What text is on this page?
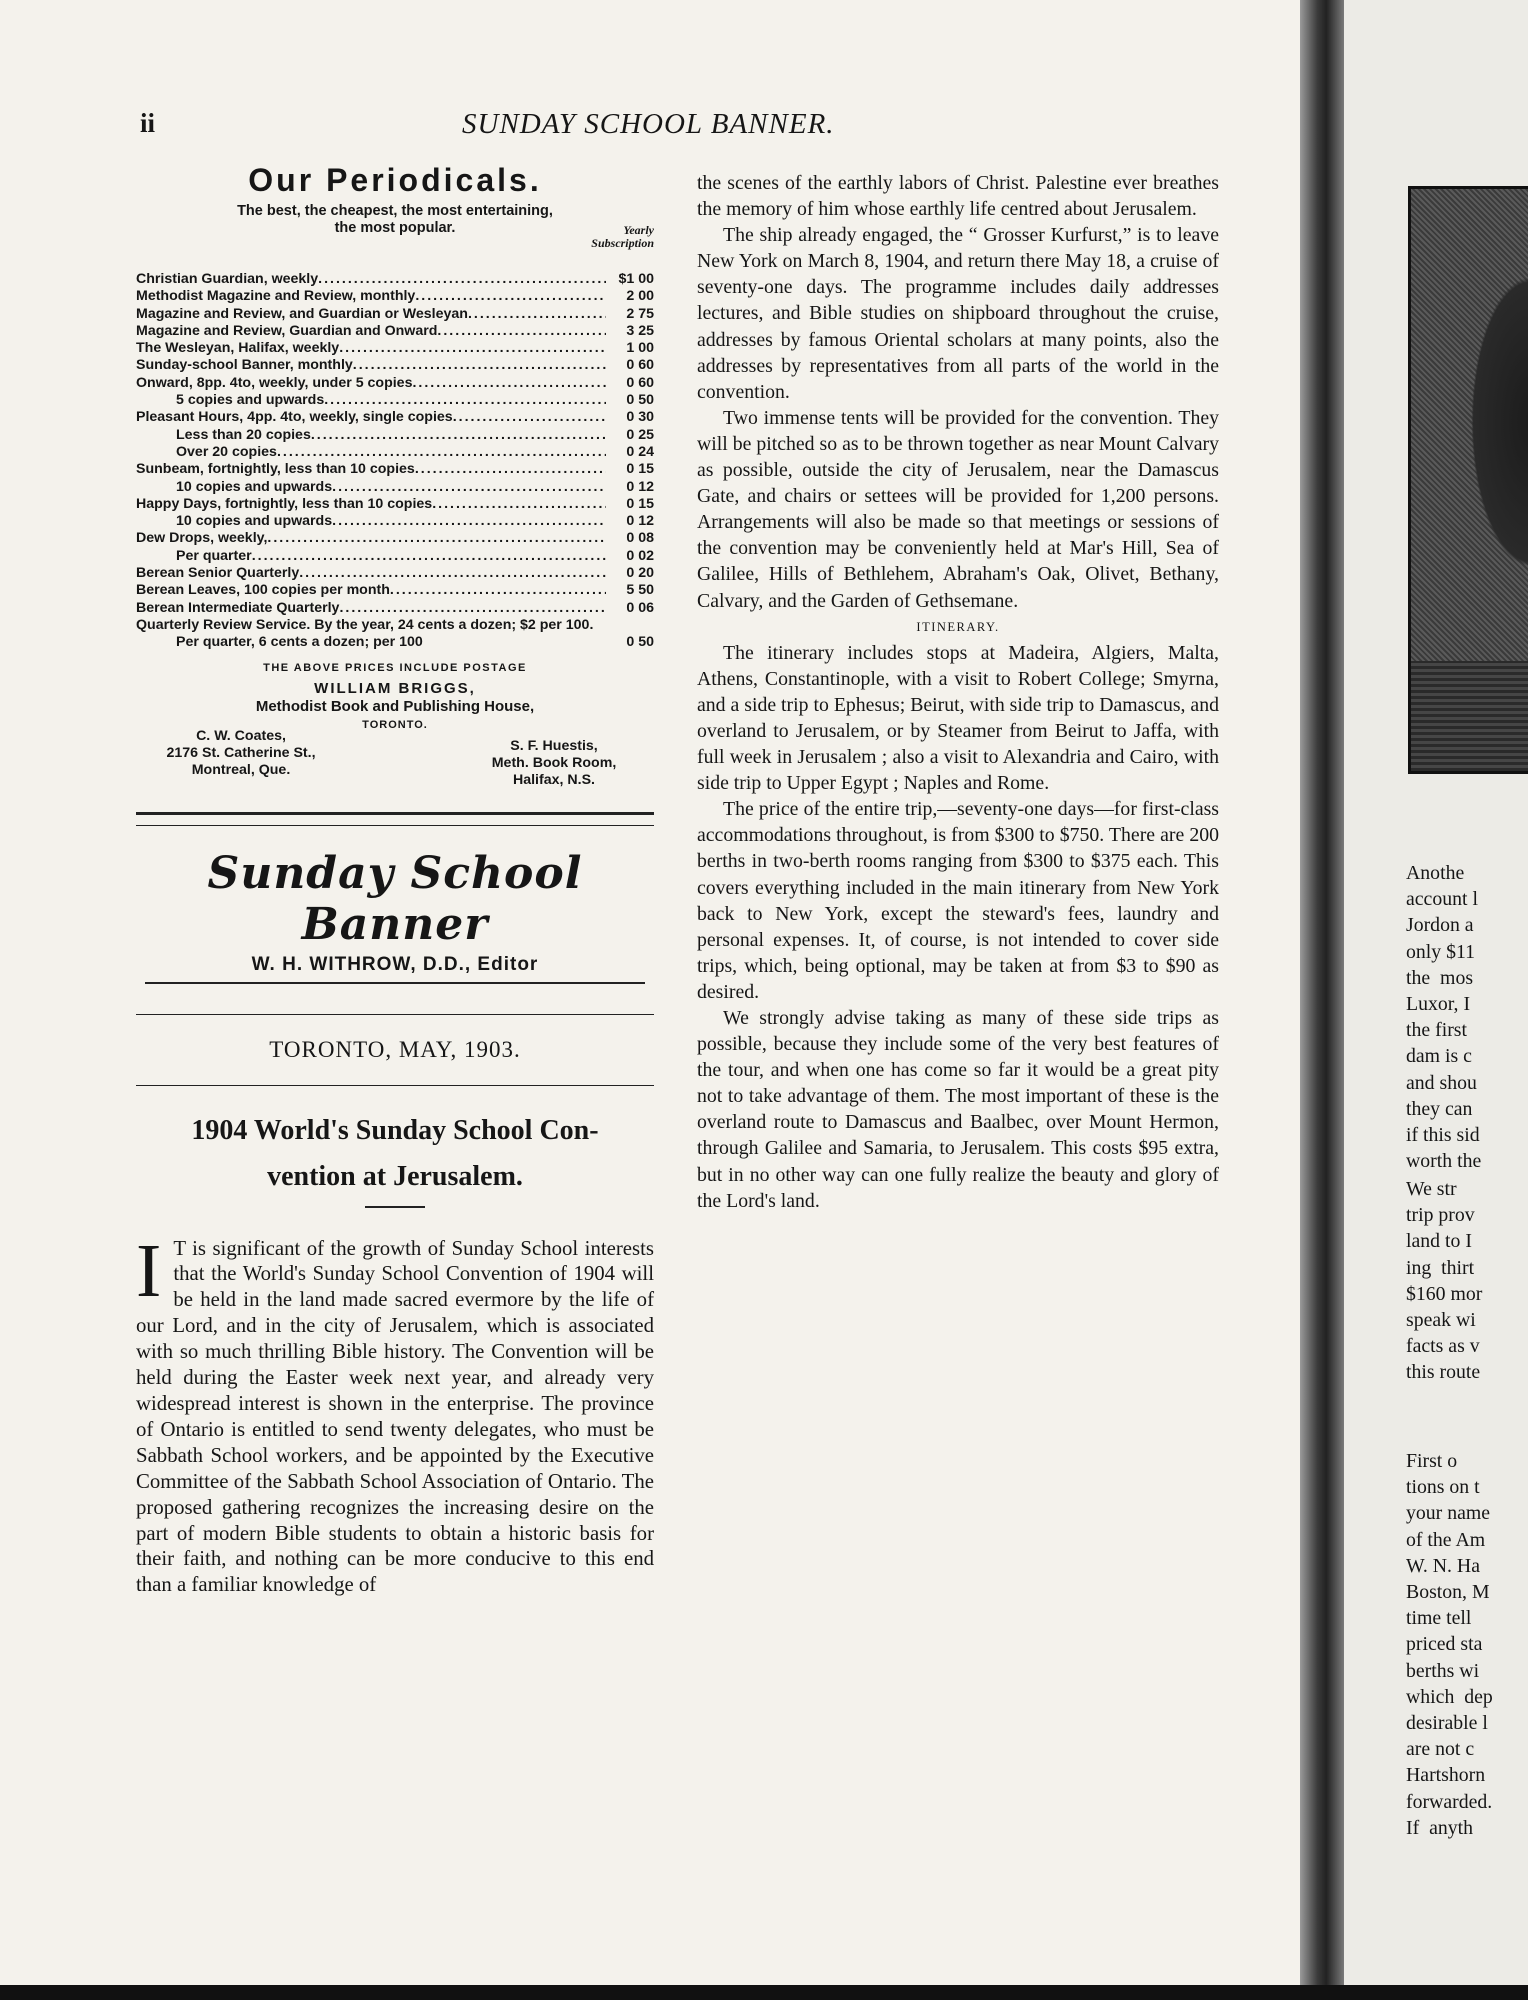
ii	SUNDAY SCHOOL BANNER.
Our Periodicals.
The best, the cheapest, the most entertaining,
the most popular.	Yearly
Subscription
Christian Guardian, weekly .....	$1 00
Methodist Magazine and Review, monthly .....	2 00
Magazine and Review, and Guardian or Wesleyan .....	2 75
Magazine and Review, Guardian and Onward .....	3 25
The Wesleyan, Halifax, weekly .....	1 00
Sunday-school Banner, monthly .....	0 60
Onward, 8pp. 4to, weekly, under 5 copies .....	0 60
5 copies and upwards .....	0 50
Pleasant Hours, 4pp. 4to, weekly, single copies .....	0 30
Less than 20 copies .....	0 25
Over 20 copies .....	0 24
Sunbeam, fortnightly, less than 10 copies .....	0 15
10 copies and upwards .....	0 12
Happy Days, fortnightly, less than 10 copies .....	0 15
10 copies and upwards .....	0 12
Dew Drops, weekly, .....	0 08
Per quarter .....	0 02
Berean Senior Quarterly .....	0 20
Berean Leaves, 100 copies per month .....	5 50
Berean Intermediate Quarterly .....	0 06
Quarterly Review Service. By the year, 24 cents a dozen; $2 per 100. Per quarter, 6 cents a dozen; per 100	0 50
THE ABOVE PRICES INCLUDE POSTAGE
WILLIAM BRIGGS,
Methodist Book and Publishing House,
TORONTO.
C. W. Coates,
2176 St. Catherine St.,
Montreal, Que.
S. F. Huestis,
Meth. Book Room,
Halifax, N.S.
Sunday School Banner
W. H. WITHROW, D.D., Editor
TORONTO, MAY, 1903.
1904 World's Sunday School Con-
vention at Jerusalem.
I T is significant of the growth of Sunday School interests that the World's Sunday School Convention of 1904 will be held in the land made sacred evermore by the life of our Lord, and in the city of Jerusalem, which is associated with so much thrilling Bible history. The Convention will be held during the Easter week next year, and already very widespread interest is shown in the enterprise. The province of Ontario is entitled to send twenty delegates, who must be Sabbath School workers, and be appointed by the Executive Committee of the Sabbath School Association of Ontario. The proposed gathering recognizes the increasing desire on the part of modern Bible students to obtain a historic basis for their faith, and nothing can be more conducive to this end than a familiar knowledge of

the scenes of the earthly labors of Christ. Palestine ever breathes the memory of him whose earthly life centred about Jerusalem.

The ship already engaged, the “ Grosser Kurfurst,” is to leave New York on March 8, 1904, and return there May 18, a cruise of seventy-one days. The programme includes daily addresses lectures, and Bible studies on shipboard throughout the cruise, addresses by famous Oriental scholars at many points, also the addresses by representatives from all parts of the world in the convention.

Two immense tents will be provided for the convention. They will be pitched so as to be thrown together as near Mount Calvary as possible, outside the city of Jerusalem, near the Damascus Gate, and chairs or settees will be provided for 1,200 persons. Arrangements will also be made so that meetings or sessions of the convention may be conveniently held at Mar's Hill, Sea of Galilee, Hills of Bethlehem, Abraham's Oak, Olivet, Bethany, Calvary, and the Garden of Gethsemane.

ITINERARY.

The itinerary includes stops at Madeira, Algiers, Malta, Athens, Constantinople, with a visit to Robert College; Smyrna, and a side trip to Ephesus; Beirut, with side trip to Damascus, and overland to Jerusalem, or by Steamer from Beirut to Jaffa, with full week in Jerusalem ; also a visit to Alexandria and Cairo, with side trip to Upper Egypt ; Naples and Rome.

The price of the entire trip,—seventy-one days—for first-class accommodations throughout, is from $300 to $750. There are 200 berths in two-berth rooms ranging from $300 to $375 each. This covers everything included in the main itinerary from New York back to New York, except the steward's fees, laundry and personal expenses. It, of course, is not intended to cover side trips, which, being optional, may be taken at from $3 to $90 as desired.

We strongly advise taking as many of these side trips as possible, because they include some of the very best features of the tour, and when one has come so far it would be a great pity not to take advantage of them. The most important of these is the overland route to Damascus and Baalbec, over Mount Hermon, through Galilee and Samaria, to Jerusalem. This costs $95 extra, but in no other way can one fully realize the beauty and glory of the Lord's land.

Anothe
account l
Jordon a
only $11
the  mos
Luxor, I
the first
dam is c
and shou
they can
if this sid
worth the
We str
trip prov
land to I
ing  thirt
$160 mor
speak wi
facts as v
this route
First o
tions on t
your name
of the Am
W. N. Ha
Boston, M
time tell
priced sta
berths wi
which  dep
desirable l
are not c
Hartshorn
forwarded.
If  anyth
